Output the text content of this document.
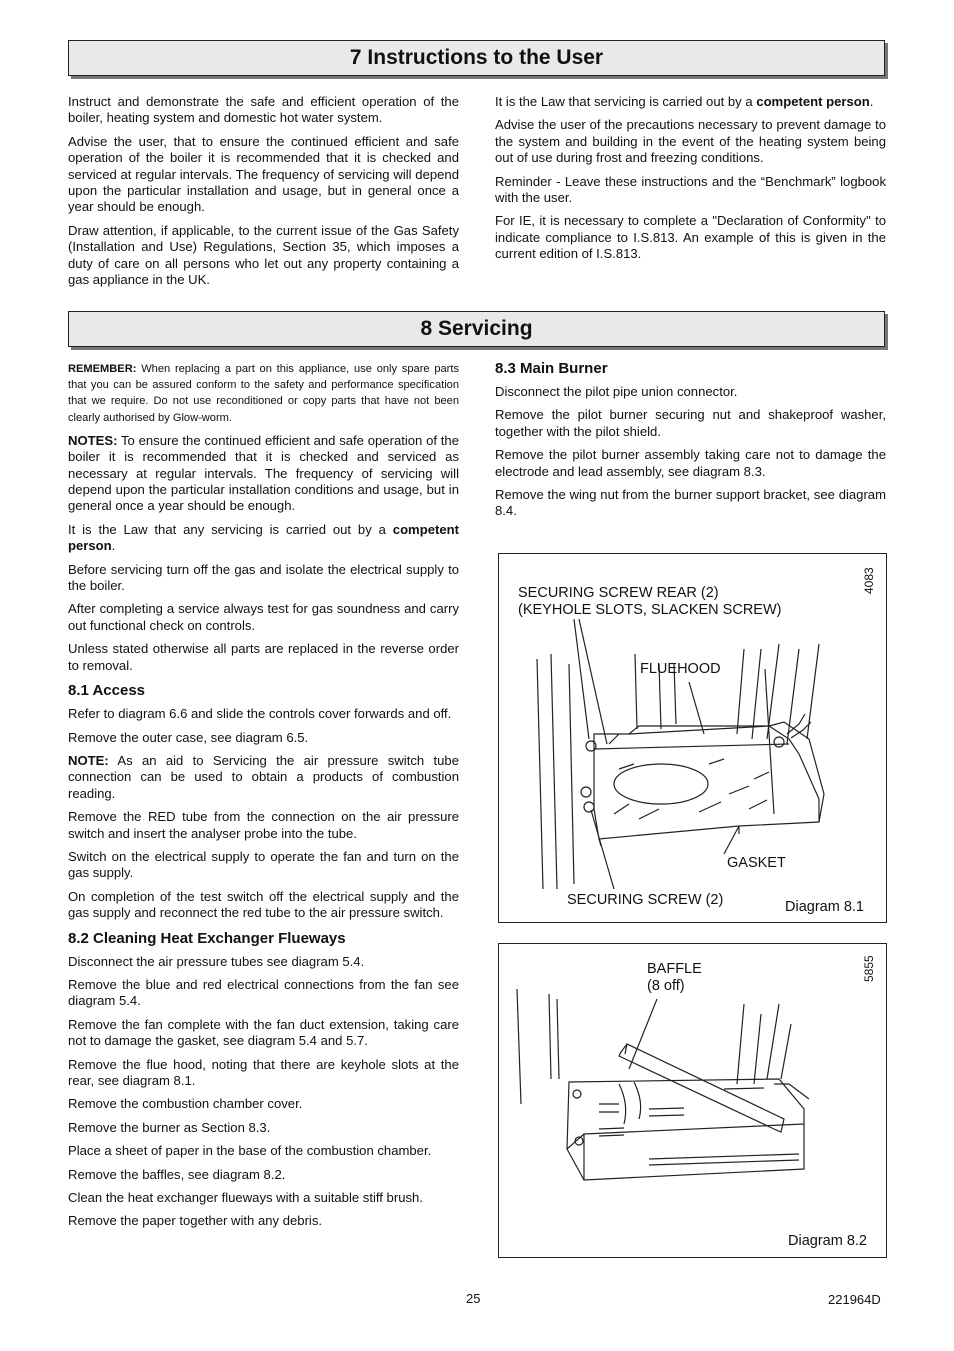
7 Instructions to the User

Instruct and demonstrate the safe and efficient operation of the boiler, heating system and domestic hot water system.

Advise the user, that to ensure the continued efficient and safe operation of the boiler it is recommended that it is checked and serviced at regular intervals. The frequency of servicing will depend upon the particular installation and usage, but in general once a year should be enough.

Draw attention, if applicable, to the current issue of the Gas Safety (Installation and Use) Regulations, Section 35, which imposes a duty of care on all persons who let out any property containing a gas appliance in the UK.

It is the Law that servicing is carried out by a competent person.

Advise the user of the precautions necessary to prevent damage to the system and building in the event of the heating system being out of use during frost and freezing conditions.

Reminder - Leave these instructions and the “Benchmark” logbook with the user.

For IE, it is necessary to complete a "Declaration of Conformity" to indicate compliance to I.S.813. An example of this is given in the current edition of I.S.813.

8 Servicing

REMEMBER: When replacing a part on this appliance, use only spare parts that you can be assured conform to the safety and performance specification that we require. Do not use reconditioned or copy parts that have not been clearly authorised by Glow-worm.

NOTES: To ensure the continued efficient and safe operation of the boiler it is recommended that it is checked and serviced as necessary at regular intervals. The frequency of servicing will depend upon the particular installation conditions and usage, but in general once a year should be enough.

It is the Law that any servicing is carried out by a competent person.

Before servicing turn off the gas and isolate the electrical supply to the boiler.

After completing a service always test for gas soundness and carry out functional check on controls.

Unless stated otherwise all parts are replaced in the reverse order to removal.

8.1 Access

Refer to diagram 6.6 and slide the controls cover forwards and off.

Remove the outer case, see diagram 6.5.

NOTE: As an aid to Servicing the air pressure switch tube connection can be used to obtain a products of combustion reading.

Remove the RED tube from the connection on the air pressure switch and insert the analyser probe into the tube.

Switch on the electrical supply to operate the fan and turn on the gas supply.

On completion of the test switch off the electrical supply and the gas supply and reconnect the red tube to the air pressure switch.

8.2 Cleaning Heat Exchanger Flueways

Disconnect the air pressure tubes see diagram 5.4.

Remove the blue and red electrical connections from the fan see diagram 5.4.

Remove the fan complete with the fan duct extension, taking care not to damage the gasket, see diagram 5.4 and 5.7.

Remove the flue hood, noting that there are keyhole slots at the rear, see diagram 8.1.

Remove the combustion chamber cover.

Remove the burner as Section 8.3.

Place a sheet of paper in the base of the combustion chamber.

Remove the baffles, see diagram 8.2.

Clean the heat exchanger flueways with a suitable stiff brush.

Remove the paper together with any debris.

8.3 Main Burner

Disconnect the pilot pipe union connector.

Remove the pilot burner securing nut and shakeproof washer, together with the pilot shield.

Remove the pilot burner assembly taking care not to damage the electrode and lead assembly, see diagram 8.3.

Remove the wing nut from the burner support bracket, see diagram 8.4.

SECURING SCREW REAR (2)
(KEYHOLE SLOTS, SLACKEN SCREW)
FLUEHOOD
GASKET
SECURING SCREW (2)	Diagram 8.1
4083
BAFFLE
(8 off)
Diagram 8.2
5855
25	221964D
